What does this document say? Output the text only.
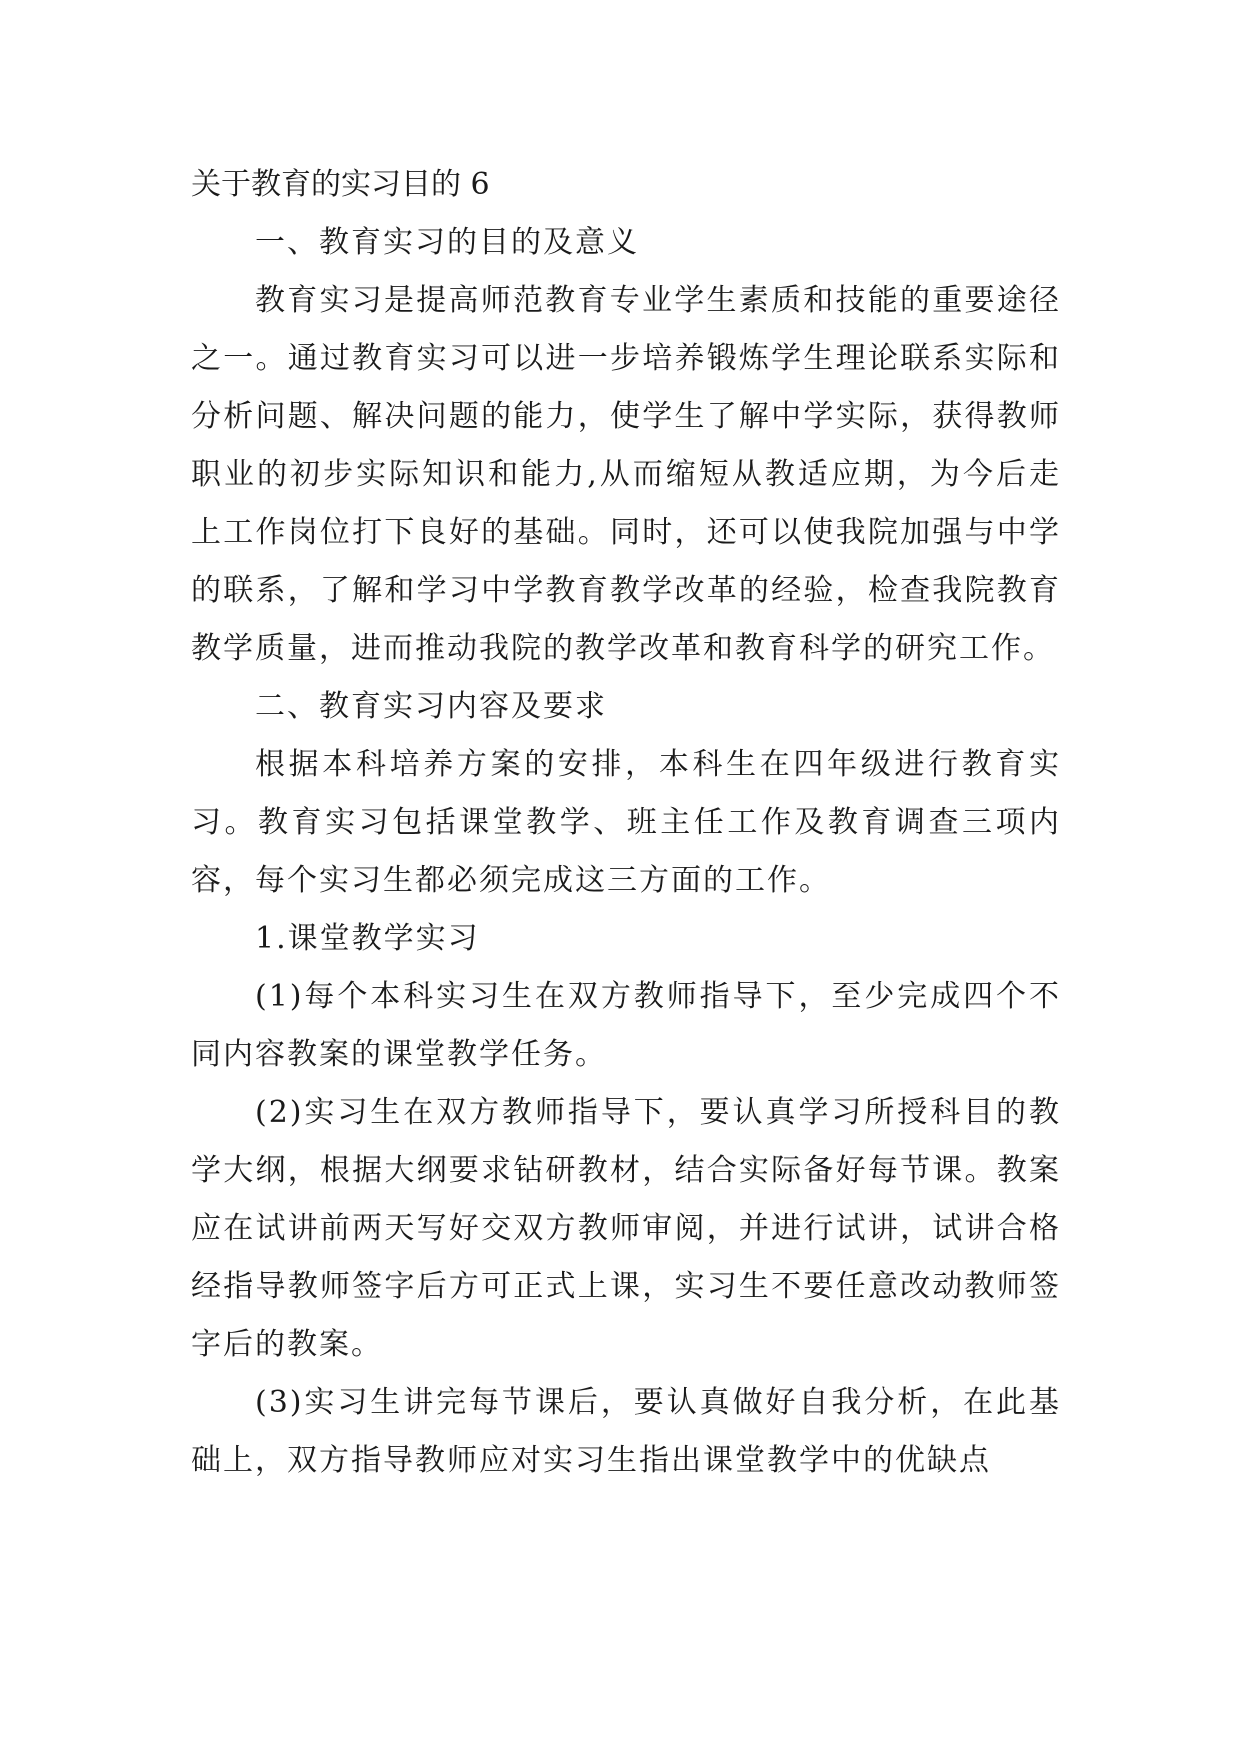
关于教育的实习目的 6

一、教育实习的目的及意义

教育实习是提高师范教育专业学生素质和技能的重要途径之一。通过教育实习可以进一步培养锻炼学生理论联系实际和分析问题、解决问题的能力，使学生了解中学实际，获得教师职业的初步实际知识和能力,从而缩短从教适应期，为今后走上工作岗位打下良好的基础。同时，还可以使我院加强与中学的联系，了解和学习中学教育教学改革的经验，检查我院教育教学质量，进而推动我院的教学改革和教育科学的研究工作。

二、教育实习内容及要求

根据本科培养方案的安排，本科生在四年级进行教育实习。教育实习包括课堂教学、班主任工作及教育调查三项内容，每个实习生都必须完成这三方面的工作。

1.课堂教学实习

(1)每个本科实习生在双方教师指导下，至少完成四个不同内容教案的课堂教学任务。

(2)实习生在双方教师指导下，要认真学习所授科目的教学大纲，根据大纲要求钻研教材，结合实际备好每节课。教案应在试讲前两天写好交双方教师审阅，并进行试讲，试讲合格经指导教师签字后方可正式上课，实习生不要任意改动教师签字后的教案。

(3)实习生讲完每节课后，要认真做好自我分析，在此基础上，双方指导教师应对实习生指出课堂教学中的优缺点
